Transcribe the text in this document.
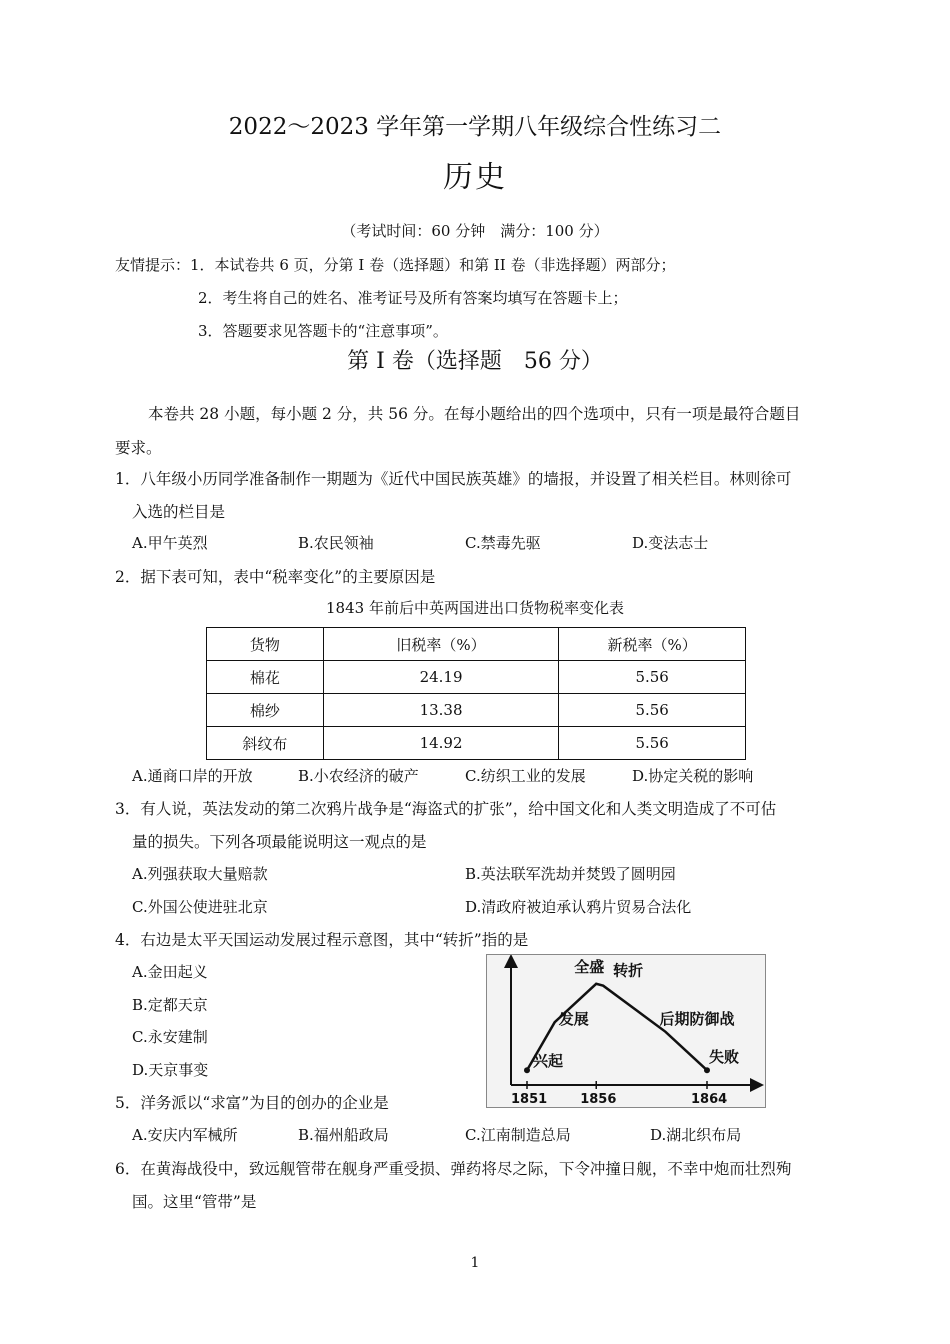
2022～2023 学年第一学期八年级综合性练习二
历史
（考试时间：60 分钟　满分：100 分）
友情提示：1．本试卷共 6 页，分第 I 卷（选择题）和第 II 卷（非选择题）两部分；
2．考生将自己的姓名、准考证号及所有答案均填写在答题卡上；
3．答题要求见答题卡的“注意事项”。
第 I 卷（选择题　56 分）
本卷共 28 小题，每小题 2 分，共 56 分。在每小题给出的四个选项中，只有一项是最符合题目
要求。
1．八年级小历同学准备制作一期题为《近代中国民族英雄》的墙报，并设置了相关栏目。林则徐可
入选的栏目是
A.甲午英烈	B.农民领袖	C.禁毒先驱	D.变法志士
2．据下表可知，表中“税率变化”的主要原因是
1843 年前后中英两国进出口货物税率变化表
货物	旧税率（%）	新税率（%）
棉花	24.19	5.56
棉纱	13.38	5.56
斜纹布	14.92	5.56
A.通商口岸的开放	B.小农经济的破产	C.纺织工业的发展	D.协定关税的影响
3．有人说，英法发动的第二次鸦片战争是“海盗式的扩张”，给中国文化和人类文明造成了不可估
量的损失。下列各项最能说明这一观点的是
A.列强获取大量赔款	B.英法联军洗劫并焚毁了圆明园
C.外国公使进驻北京	D.清政府被迫承认鸦片贸易合法化
4．右边是太平天国运动发展过程示意图，其中“转折”指的是
A.金田起义
B.定都天京
C.永安建制
D.天京事变	兴起
发展
全盛 转折
后期防御战
失败
1851	1856	1864
5．洋务派以“求富”为目的创办的企业是
A.安庆内军械所	B.福州船政局	C.江南制造总局	D.湖北织布局
6．在黄海战役中，致远舰管带在舰身严重受损、弹药将尽之际，下令冲撞日舰，不幸中炮而壮烈殉
国。这里“管带”是
1
